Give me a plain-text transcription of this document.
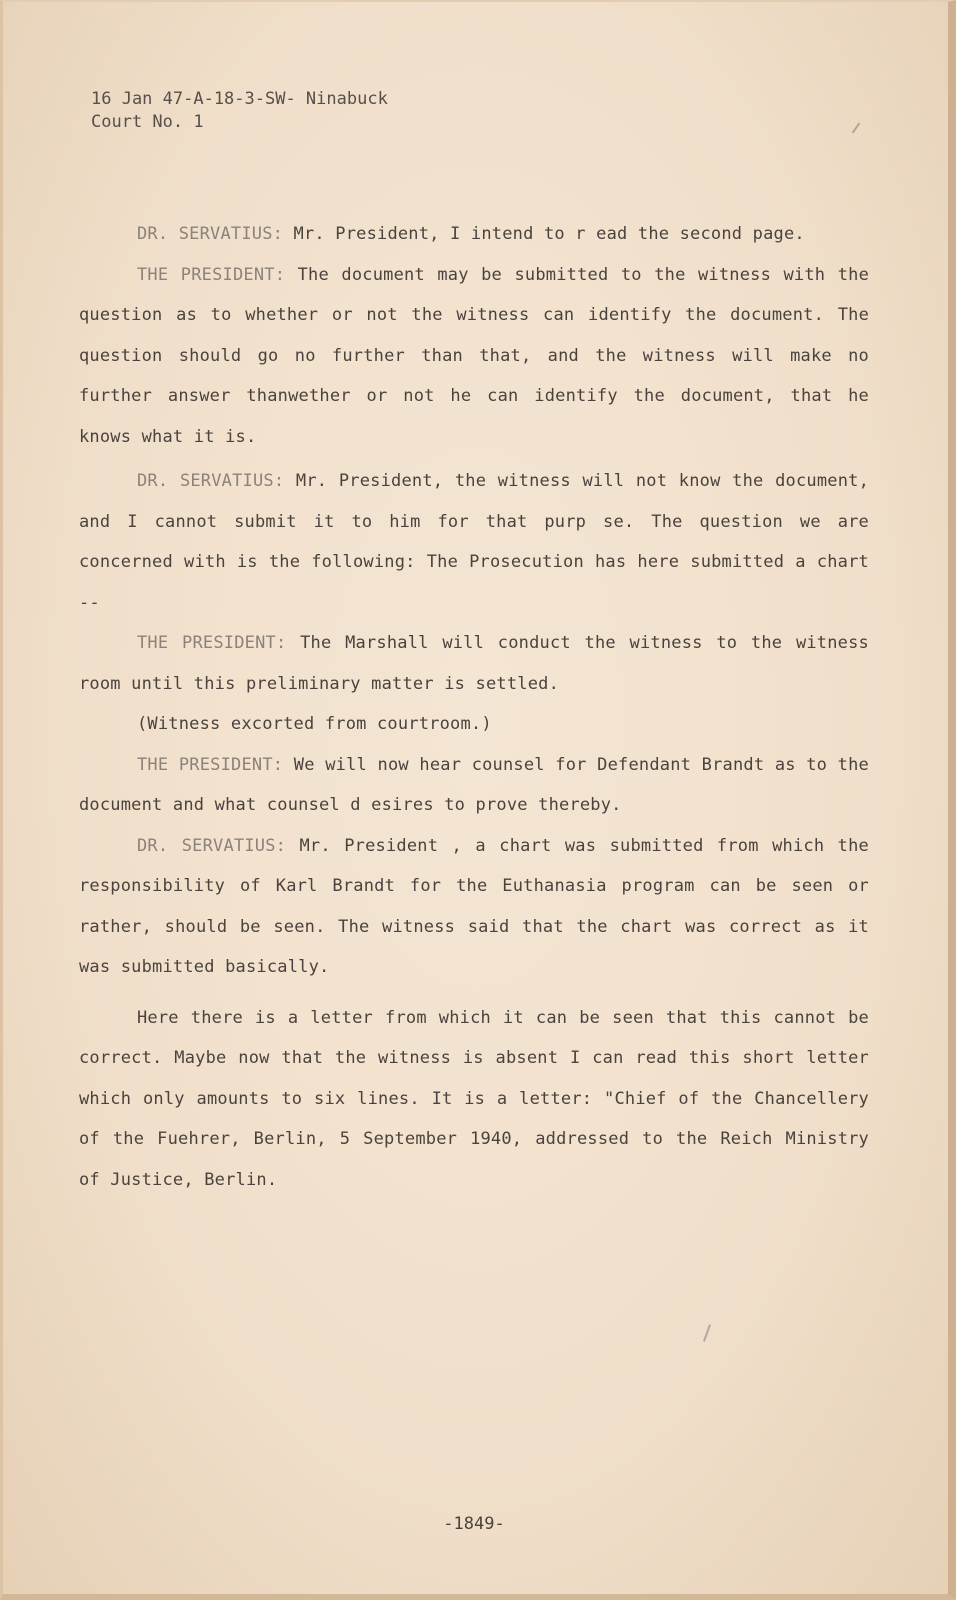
16 Jan 47-A-18-3-SW- Ninabuck
Court No. 1

DR. SERVATIUS: Mr. President, I intend to r ead the second page.

THE PRESIDENT: The document may be submitted to the witness with the question as to whether or not the witness can identify the document. The question should go no further than that, and the witness will make no further answer thanwether or not he can identify the document, that he knows what it is.

DR. SERVATIUS: Mr. President, the witness will not know the document, and I cannot submit it to him for that purp se. The question we are concerned with is the following: The Prosecution has here submitted a chart --

THE PRESIDENT: The Marshall will conduct the witness to the witness room until this preliminary matter is settled.

(Witness excorted from courtroom.)

THE PRESIDENT: We will now hear counsel for Defendant Brandt as to the document and what counsel d esires to prove thereby.

DR. SERVATIUS: Mr. President , a chart was submitted from which the responsibility of Karl Brandt for the Euthanasia program can be seen or rather, should be seen. The witness said that the chart was correct as it was submitted basically.

Here there is a letter from which it can be seen that this cannot be correct. Maybe now that the witness is absent I can read this short letter which only amounts to six lines. It is a letter: "Chief of the Chancellery of the Fuehrer, Berlin, 5 September 1940, addressed to the Reich Ministry of Justice, Berlin.

-1849-
